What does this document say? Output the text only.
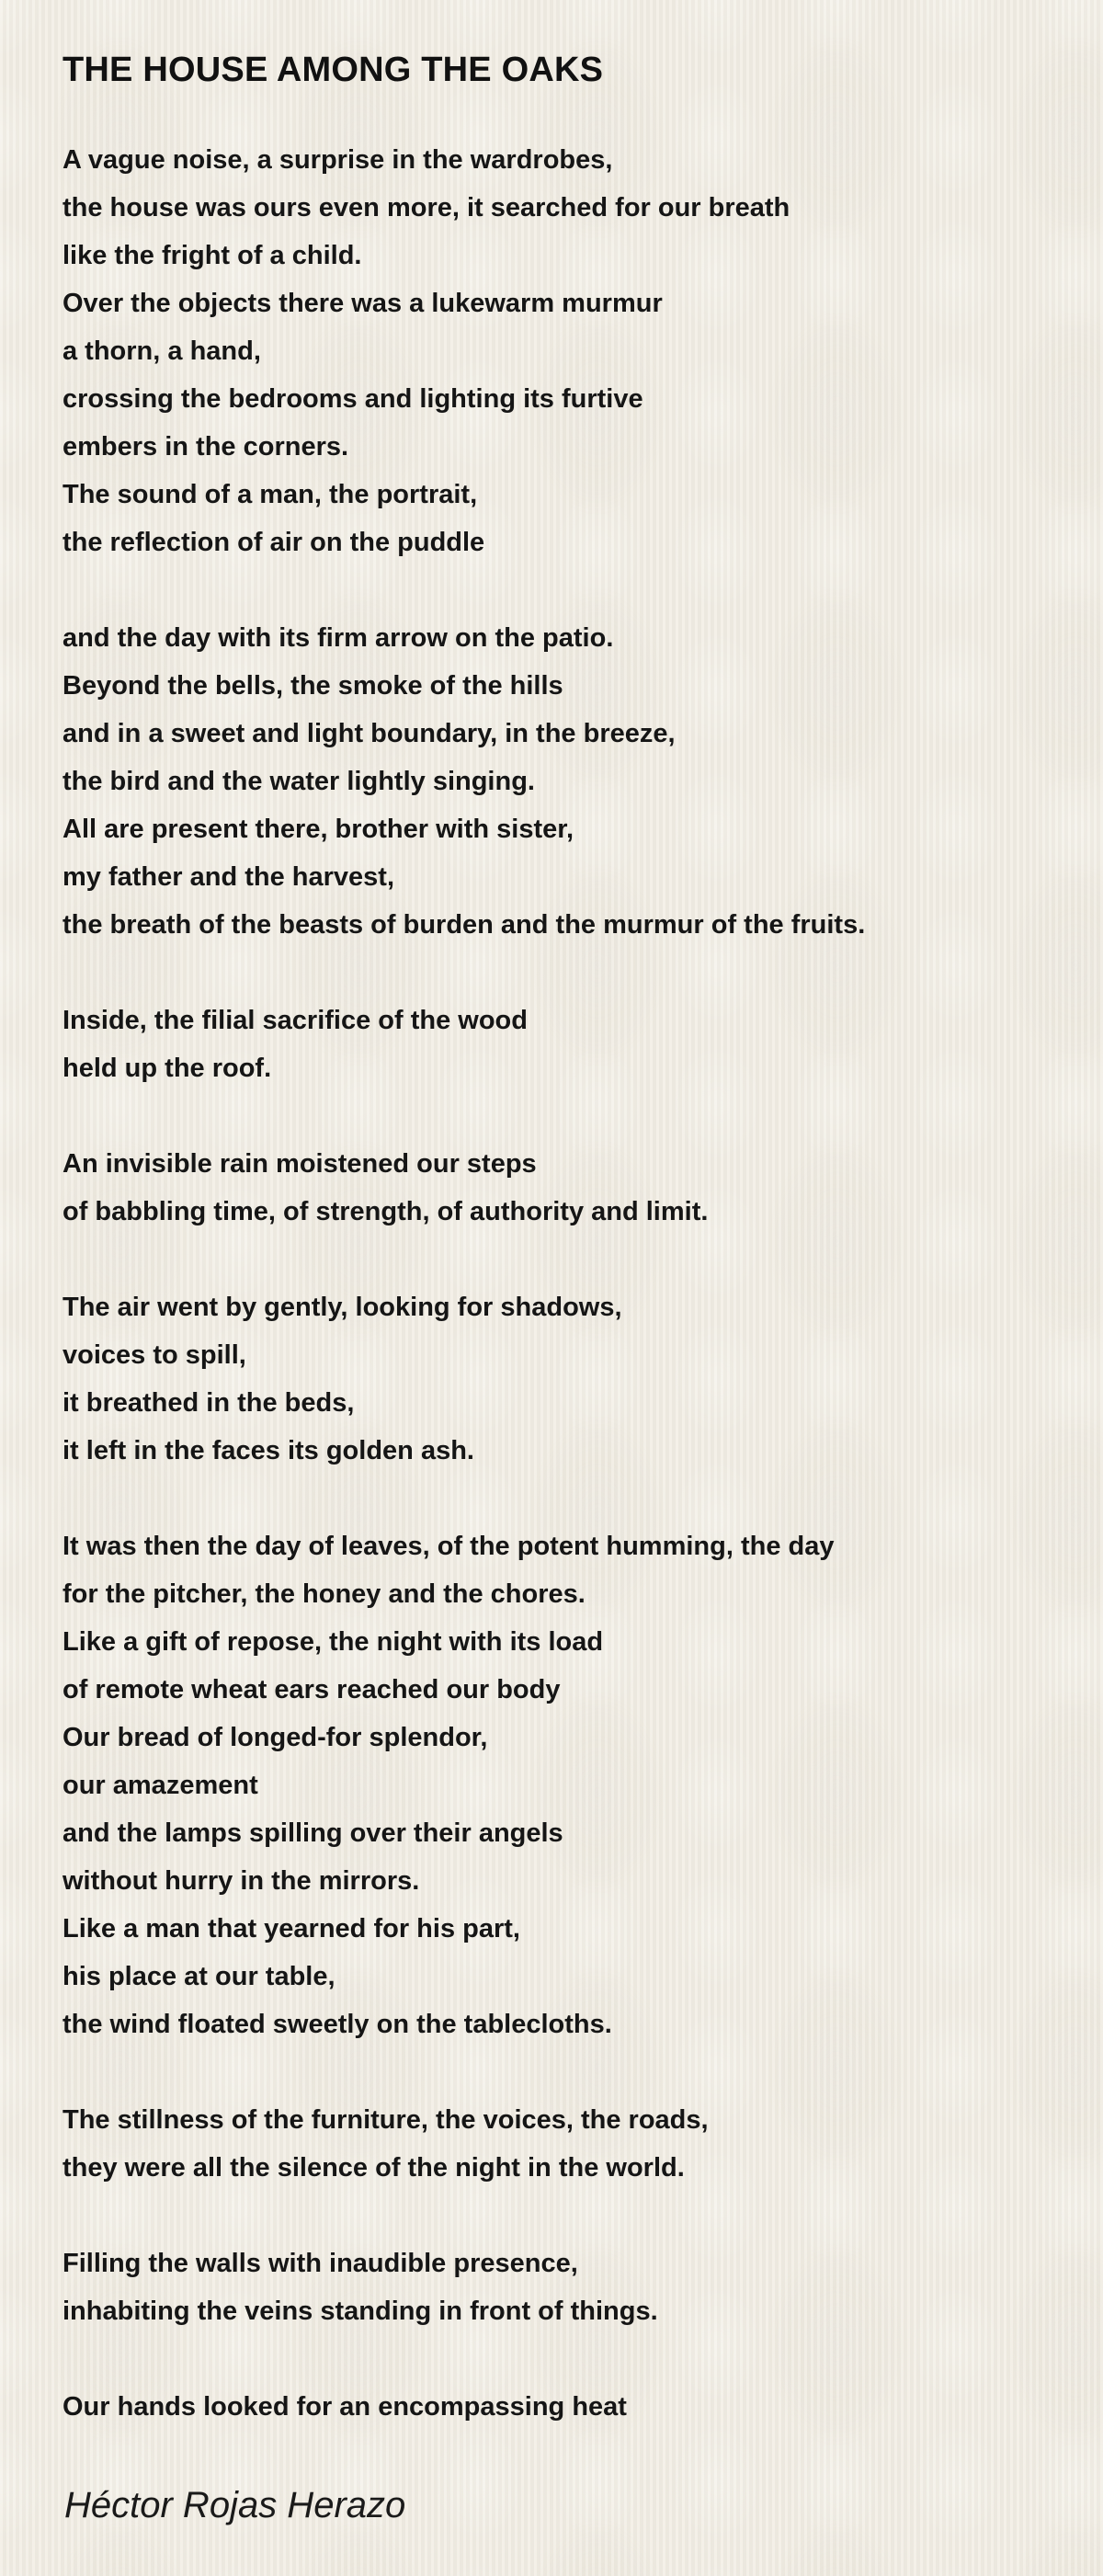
THE HOUSE AMONG THE OAKS
A vague noise, a surprise in the wardrobes,
the house was ours even more, it searched for our breath
like the fright of a child.
Over the objects there was a lukewarm murmur
a thorn, a hand,
crossing the bedrooms and lighting its furtive
embers in the corners.
The sound of a man, the portrait,
the reflection of air on the puddle
and the day with its firm arrow on the patio.
Beyond the bells, the smoke of the hills
and in a sweet and light boundary, in the breeze,
the bird and the water lightly singing.
All are present there, brother with sister,
my father and the harvest,
the breath of the beasts of burden and the murmur of the fruits.
Inside, the filial sacrifice of the wood
held up the roof.
An invisible rain moistened our steps
of babbling time, of strength, of authority and limit.
The air went by gently, looking for shadows,
voices to spill,
it breathed in the beds,
it left in the faces its golden ash.
It was then the day of leaves, of the potent humming, the day
for the pitcher, the honey and the chores.
Like a gift of repose, the night with its load
of remote wheat ears reached our body
Our bread of longed-for splendor,
our amazement
and the lamps spilling over their angels
without hurry in the mirrors.
Like a man that yearned for his part,
his place at our table,
the wind floated sweetly on the tablecloths.
The stillness of the furniture, the voices, the roads,
they were all the silence of the night in the world.
Filling the walls with inaudible presence,
inhabiting the veins standing in front of things.
Our hands looked for an encompassing heat
Héctor Rojas Herazo
